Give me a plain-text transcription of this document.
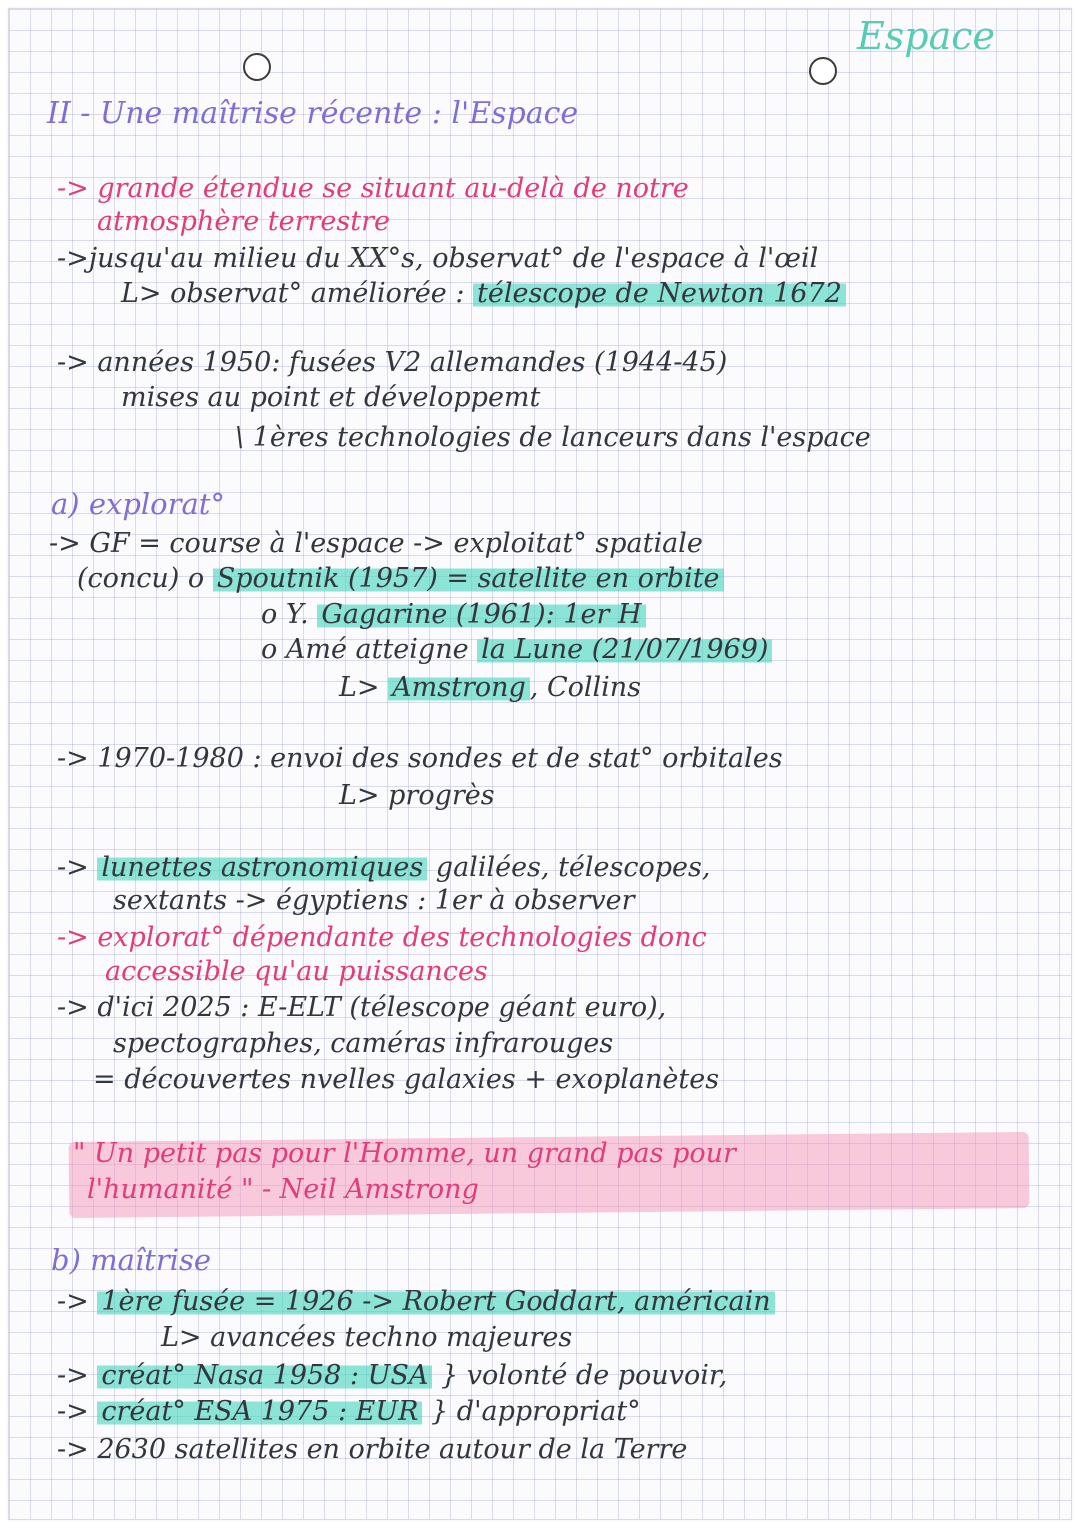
Espace
II - Une maîtrise récente : l'Espace
-> grande étendue se situant au-delà de notre
atmosphère terrestre
->jusqu'au milieu du XX°s, observat° de l'espace à l'œil
L> observat° améliorée : télescope de Newton 1672
-> années 1950: fusées V2 allemandes (1944-45)
mises au point et développemt
\ 1ères technologies de lanceurs dans l'espace
a) explorat°
-> GF = course à l'espace -> exploitat° spatiale
(concu) o Spoutnik (1957) = satellite en orbite
o Y. Gagarine (1961): 1er H
o Amé atteigne la Lune (21/07/1969)
L> Amstrong , Collins
-> 1970-1980 : envoi des sondes et de stat° orbitales
L> progrès
-> lunettes astronomiques galilées, télescopes,
sextants -> égyptiens : 1er à observer
-> explorat° dépendante des technologies donc
accessible qu'au puissances
-> d'ici 2025 : E-ELT (télescope géant euro),
spectographes, caméras infrarouges
= découvertes nvelles galaxies + exoplanètes
" Un petit pas pour l'Homme, un grand pas pour
l'humanité " - Neil Amstrong
b) maîtrise
-> 1ère fusée = 1926 -> Robert Goddart, américain
L> avancées techno majeures
-> créat° Nasa 1958 : USA } volonté de pouvoir,
-> créat° ESA 1975 : EUR } d'appropriat°
-> 2630 satellites en orbite autour de la Terre
